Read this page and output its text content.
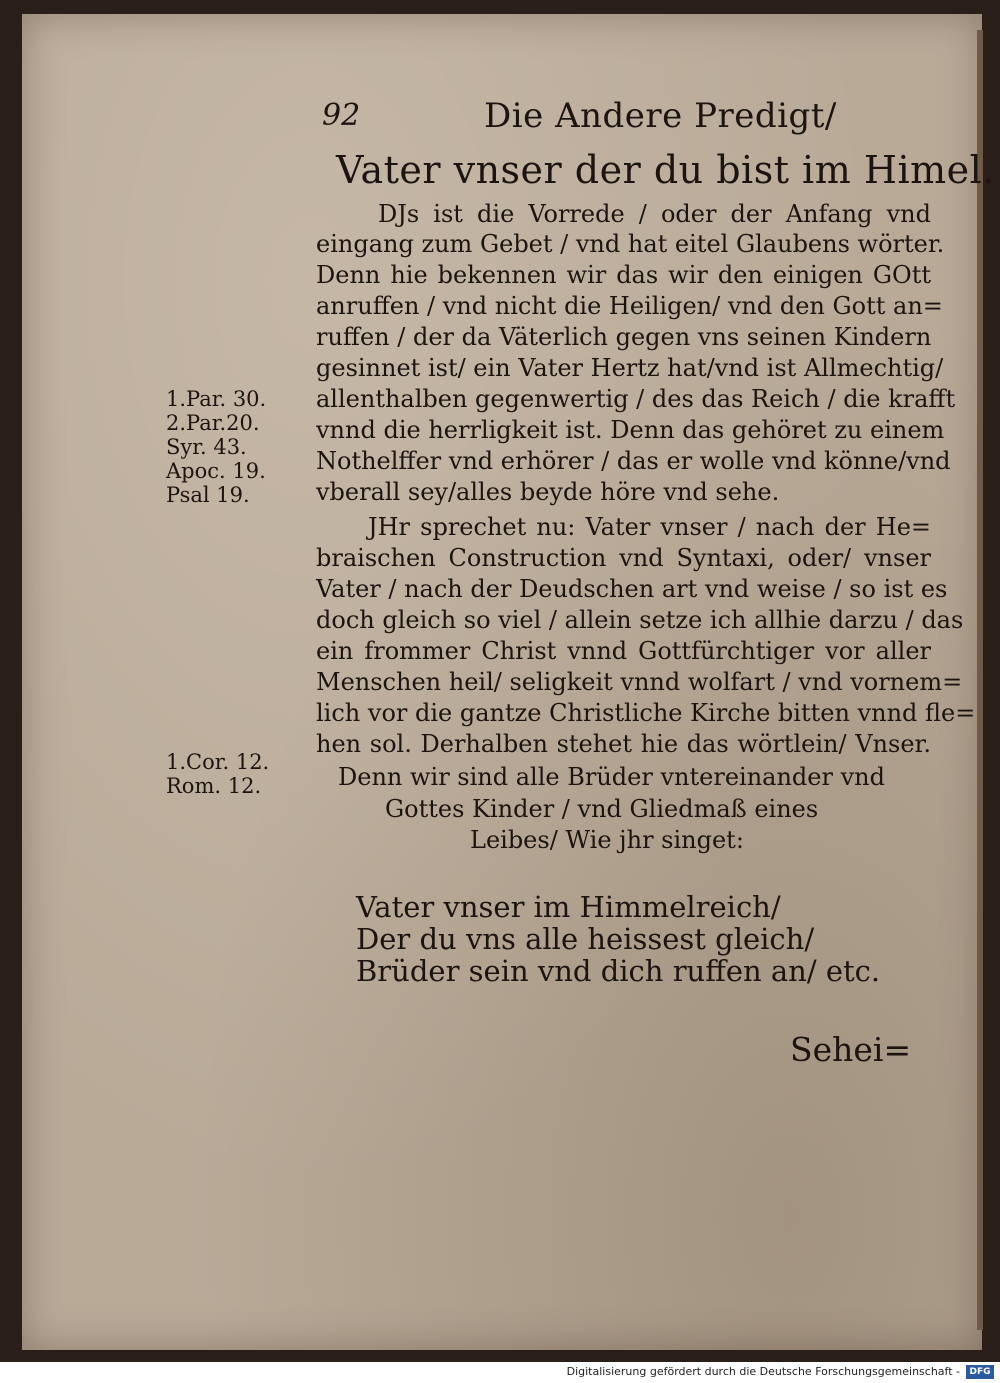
92	Die Andere Predigt/
Vater vnser der du bist im Himel.
DJs ist die Vorrede / oder der Anfang vnd
eingang zum Gebet / vnd hat eitel Glaubens wörter.
Denn hie bekennen wir das wir den einigen GOtt
anruffen / vnd nicht die Heiligen/ vnd den Gott an=
ruffen / der da Väterlich gegen vns seinen Kindern
gesinnet ist/ ein Vater Hertz hat/vnd ist Allmechtig/
allenthalben gegenwertig / des das Reich / die krafft
vnnd die herrligkeit ist. Denn das gehöret zu einem
Nothelffer vnd erhörer / das er wolle vnd könne/vnd
vberall sey/alles beyde höre vnd sehe.
JHr sprechet nu: Vater vnser / nach der He=
braischen Construction vnd Syntaxi, oder/ vnser
Vater / nach der Deudschen art vnd weise / so ist es
doch gleich so viel / allein setze ich allhie darzu / das
ein frommer Christ vnnd Gottfürchtiger vor aller
Menschen heil/ seligkeit vnnd wolfart / vnd vornem=
lich vor die gantze Christliche Kirche bitten vnnd fle=
hen sol. Derhalben stehet hie das wörtlein/ Vnser.
Denn wir sind alle Brüder vntereinander vnd
Gottes Kinder / vnd Gliedmaß eines
Leibes/ Wie jhr singet:
1.Par. 30.
2.Par.20.
Syr. 43.
Apoc. 19.
Psal 19.
1.Cor. 12.
Rom. 12.
Vater vnser im Himmelreich/
Der du vns alle heissest gleich/
Brüder sein vnd dich ruffen an/ etc.
Sehei=
Digitalisierung gefördert durch die Deutsche Forschungsgemeinschaft -	DFG
